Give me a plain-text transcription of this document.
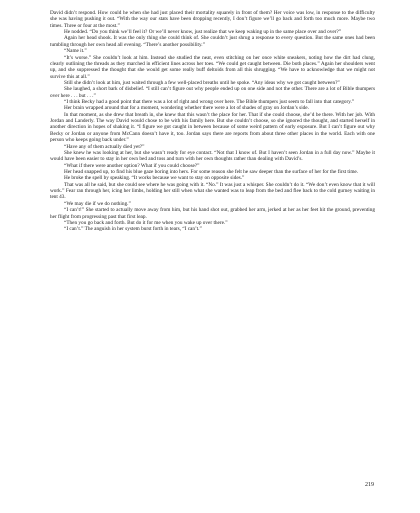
David didn’t respond. How could he when she had just placed their mortality squarely in front of them? Her voice was low, in response to the difficulty she was having pushing it out. “With the way our stats have been dropping recently, I don’t figure we’ll go back and forth too much more. Maybe two times. Three or four at the most.”

He nodded. “Do you think we’ll feel it? Or we’ll never know, just realize that we keep waking up in the same place over and over?”

Again her head shook. It was the only thing she could think of. She couldn’t just shrug a response to every question. But the same ones had been tumbling through her own head all evening. “There’s another possibility.”

“Name it.”

“It’s worse.” She couldn’t look at him. Instead she studied the neat, even stitching on her once white sneakers, noting how the dirt had clung, clearly outlining the threads as they marched in efficient lines across her toes. “We could get caught between. Die both places.” Again her shoulders went up, and she suppressed the thought that she would get some really buff deltoids from all this shrugging. “We have to acknowledge that we might not survive this at all.”

Still she didn’t look at him, just waited through a few well-placed breaths until he spoke. “Any ideas why we got caught between?”

She laughed, a short bark of disbelief. “I still can’t figure out why people ended up on one side and not the other. There are a lot of Bible thumpers over here . . . but . . .”

“I think Becky had a good point that there was a lot of right and wrong over here. The Bible thumpers just seem to fall into that category.”

Her brain wrapped around that for a moment, wondering whether there were a lot of shades of gray on Jordan’s side.

In that moment, as she drew that breath in, she knew that this wasn’t the place for her. That if she could choose, she’d be there. With her job. With Jordan and Landerly. The way David would chose to be with his family here. But she couldn’t choose, so she ignored the thought, and started herself in another direction in hopes of shaking it. “I figure we got caught in between because of some weird pattern of early exposure. But I can’t figure out why Becky or Jordan or anyone from McCann doesn’t have it, too. Jordan says there are reports from about three other places in the world. Each with one person who keeps going back under.”

“Have any of them actually died yet?”

She knew he was looking at her, but she wasn’t ready for eye contact. “Not that I know of. But I haven’t seen Jordan in a full day now.” Maybe it would have been easier to stay in her own bed and toss and turn with her own thoughts rather than dealing with David’s.

“What if there were another option? What if you could choose?”

Her head snapped up, to find his blue gaze boring into hers. For some reason she felt he saw deeper than the surface of her for the first time.

He broke the spell by speaking. “It works because we want to stay on opposite sides.”

That was all he said, but she could see where he was going with it. “No.” It was just a whisper. She couldn’t do it. “We don’t even know that it will work.” Fear ran through her, icing her limbs, holding her still when what she wanted was to leap from the bed and flee back to the cold gurney waiting in tent 43.

“We may die if we do nothing.”

“I can’t!” She started to actually move away from him, but his hand shot out, grabbed her arm, jerked at her as her feet hit the ground, preventing her flight from progressing past that first leap.

“Then you go back and forth. But do it for me when you wake up over there.”

“I can’t.” The anguish in her system burst forth in tears, “I can’t.”

219
